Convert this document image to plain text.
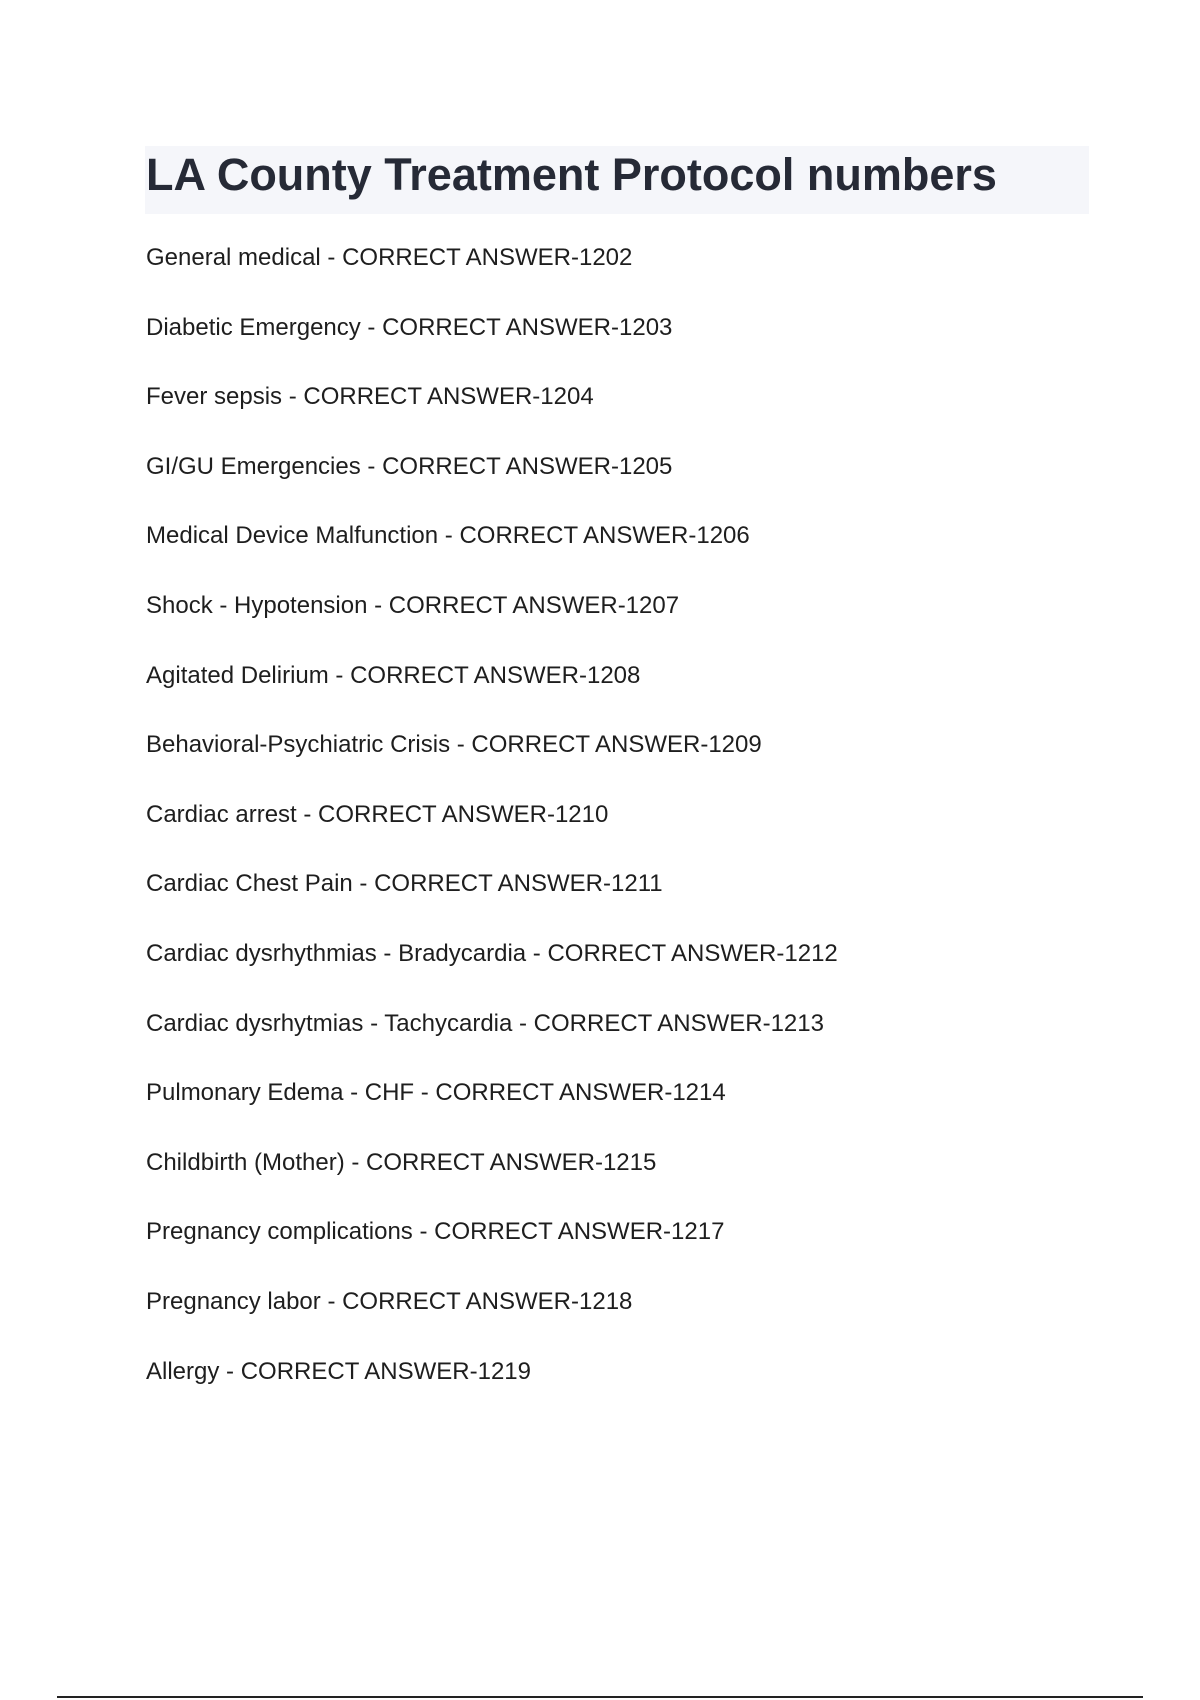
LA County Treatment Protocol numbers
General medical - CORRECT ANSWER-1202
Diabetic Emergency - CORRECT ANSWER-1203
Fever sepsis - CORRECT ANSWER-1204
GI/GU Emergencies - CORRECT ANSWER-1205
Medical Device Malfunction - CORRECT ANSWER-1206
Shock - Hypotension - CORRECT ANSWER-1207
Agitated Delirium - CORRECT ANSWER-1208
Behavioral-Psychiatric Crisis - CORRECT ANSWER-1209
Cardiac arrest - CORRECT ANSWER-1210
Cardiac Chest Pain - CORRECT ANSWER-1211
Cardiac dysrhythmias - Bradycardia - CORRECT ANSWER-1212
Cardiac dysrhytmias - Tachycardia - CORRECT ANSWER-1213
Pulmonary Edema - CHF - CORRECT ANSWER-1214
Childbirth (Mother) - CORRECT ANSWER-1215
Pregnancy complications - CORRECT ANSWER-1217
Pregnancy labor - CORRECT ANSWER-1218
Allergy - CORRECT ANSWER-1219
